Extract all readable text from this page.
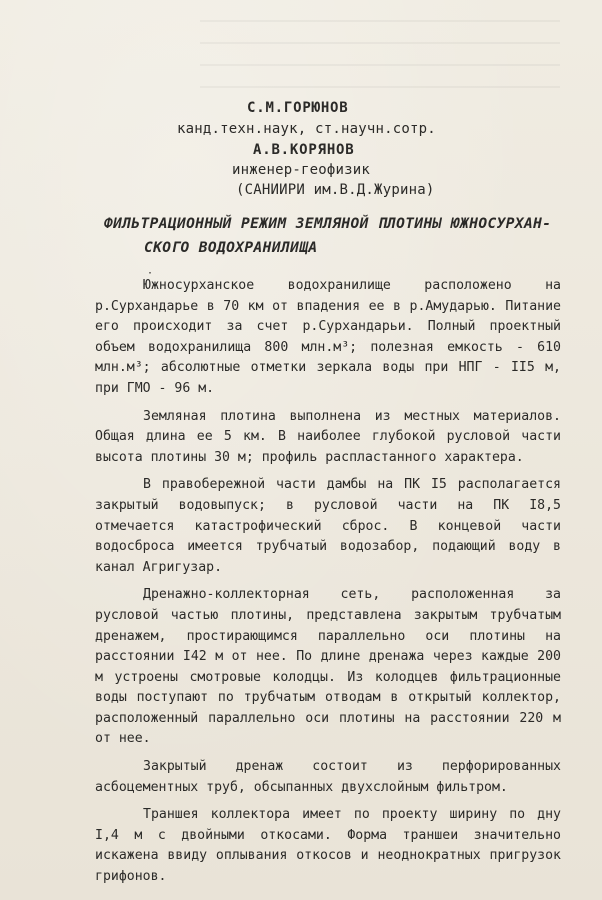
С.М.ГОРЮНОВ
канд.техн.наук, ст.научн.сотр.
А.В.КОРЯНОВ
инженер-геофизик
(САНИИРИ им.В.Д.Журина)
ФИЛЬТРАЦИОННЫЙ РЕЖИМ ЗЕМЛЯНОЙ ПЛОТИНЫ ЮЖНОСУРХАН-
СКОГО ВОДОХРАНИЛИЩА
·

Южносурханское водохранилище расположено на р.Сурхандарье в 70 км от впадения ее в р.Амударью. Питание его происходит за счет р.Сурхандарьи. Полный проектный объем водохранилища 800 млн.м³; полезная емкость - 610 млн.м³; абсолютные отметки зеркала воды при НПГ - II5 м, при ГМО - 96 м.

Земляная плотина выполнена из местных материалов. Общая длина ее 5 км. В наиболее глубокой русловой части высота плотины 30 м; профиль распластанного характера.

В правобережной части дамбы на ПК I5 располагается закрытый водовыпуск; в русловой части на ПК I8,5 отмечается катастрофический сброс. В концевой части водосброса имеется трубчатый водозабор, подающий воду в канал Агригузар.

Дренажно-коллекторная сеть, расположенная за русловой частью плотины, представлена закрытым трубчатым дренажем, простирающимся параллельно оси плотины на расстоянии I42 м от нее. По длине дренажа через каждые 200 м устроены смотровые колодцы. Из колодцев фильтрационные воды поступают по трубчатым отводам в открытый коллектор, расположенный параллельно оси плотины на расстоянии 220 м от нее.

Закрытый дренаж состоит из перфорированных асбоцементных труб, обсыпанных двухслойным фильтром.

Траншея коллектора имеет по проекту ширину по дну I,4 м с двойными откосами. Форма траншеи значительно искажена ввиду оплывания откосов и неоднократных пригрузок грифонов.
